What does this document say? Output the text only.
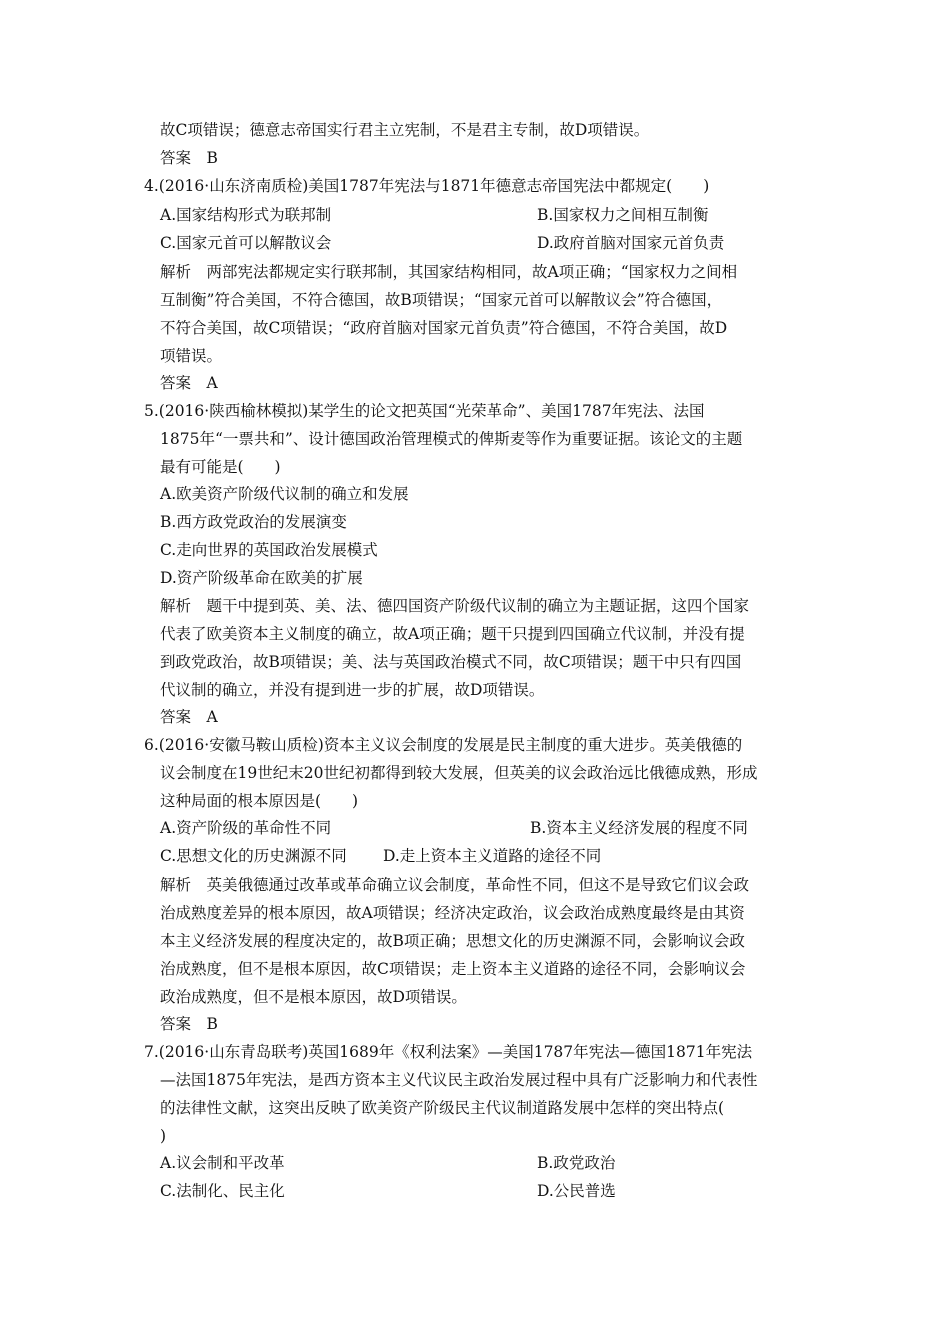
故C项错误；德意志帝国实行君主立宪制，不是君主专制，故D项错误。
答案　B
4.(2016·山东济南质检)美国1787年宪法与1871年德意志帝国宪法中都规定(　　)
A.国家结构形式为联邦制	B.国家权力之间相互制衡
C.国家元首可以解散议会	D.政府首脑对国家元首负责
解析　两部宪法都规定实行联邦制，其国家结构相同，故A项正确；“国家权力之间相
互制衡”符合美国，不符合德国，故B项错误；“国家元首可以解散议会”符合德国，
不符合美国，故C项错误；“政府首脑对国家元首负责”符合德国，不符合美国，故D
项错误。
答案　A
5.(2016·陕西榆林模拟)某学生的论文把英国“光荣革命”、美国1787年宪法、法国
1875年“一票共和”、设计德国政治管理模式的俾斯麦等作为重要证据。该论文的主题
最有可能是(　　)
A.欧美资产阶级代议制的确立和发展
B.西方政党政治的发展演变
C.走向世界的英国政治发展模式
D.资产阶级革命在欧美的扩展
解析　题干中提到英、美、法、德四国资产阶级代议制的确立为主题证据，这四个国家
代表了欧美资本主义制度的确立，故A项正确；题干只提到四国确立代议制，并没有提
到政党政治，故B项错误；美、法与英国政治模式不同，故C项错误；题干中只有四国
代议制的确立，并没有提到进一步的扩展，故D项错误。
答案　A
6.(2016·安徽马鞍山质检)资本主义议会制度的发展是民主制度的重大进步。英美俄德的
议会制度在19世纪末20世纪初都得到较大发展，但英美的议会政治远比俄德成熟，形成
这种局面的根本原因是(　　)
A.资产阶级的革命性不同	B.资本主义经济发展的程度不同
C.思想文化的历史渊源不同 D.走上资本主义道路的途径不同
解析　英美俄德通过改革或革命确立议会制度，革命性不同，但这不是导致它们议会政
治成熟度差异的根本原因，故A项错误；经济决定政治，议会政治成熟度最终是由其资
本主义经济发展的程度决定的，故B项正确；思想文化的历史渊源不同，会影响议会政
治成熟度，但不是根本原因，故C项错误；走上资本主义道路的途径不同，会影响议会
政治成熟度，但不是根本原因，故D项错误。
答案　B
7.(2016·山东青岛联考)英国1689年《权利法案》—美国1787年宪法—德国1871年宪法
—法国1875年宪法，是西方资本主义代议民主政治发展过程中具有广泛影响力和代表性
的法律性文献，这突出反映了欧美资产阶级民主代议制道路发展中怎样的突出特点(
)
A.议会制和平改革	B.政党政治
C.法制化、民主化	D.公民普选
